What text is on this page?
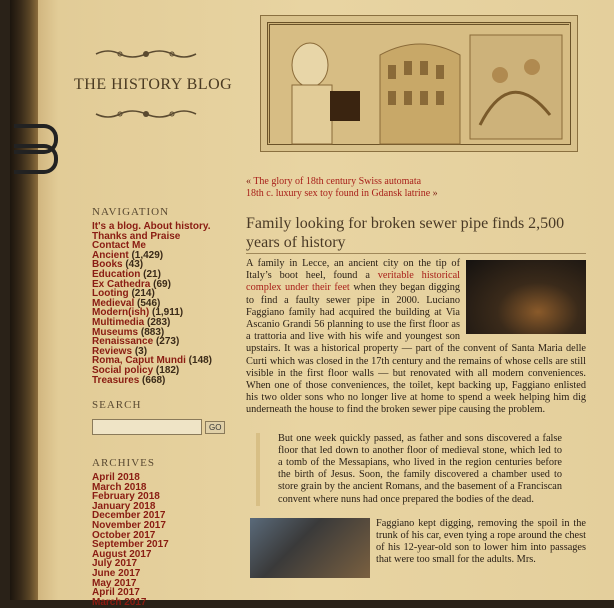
THE HISTORY BLOG
NAVIGATION
It's a blog. About history.
Thanks and Praise
Contact Me
Ancient (1,429)
Books (43)
Education (21)
Ex Cathedra (69)
Looting (214)
Medieval (546)
Modern(ish) (1,911)
Multimedia (283)
Museums (883)
Renaissance (273)
Reviews (3)
Roma, Caput Mundi (148)
Social policy (182)
Treasures (668)
SEARCH
GO
ARCHIVES
April 2018
March 2018
February 2018
January 2018
December 2017
November 2017
October 2017
September 2017
August 2017
July 2017
June 2017
May 2017
April 2017
March 2017
« The glory of 18th century Swiss automata
18th c. luxury sex toy found in Gdansk latrine »
Family looking for broken sewer pipe finds 2,500 years of history

A family in Lecce, an ancient city on the tip of Italy’s boot heel, found a veritable historical complex under their feet when they began digging to find a faulty sewer pipe in 2000. Luciano Faggiano family had acquired the building at Via Ascanio Grandi 56 planning to use the first floor as a trattoria and live with his wife and youngest son upstairs. It was a historical property — part of the convent of Santa Maria delle Curti which was closed in the 17th century and the remains of whose cells are still visible in the first floor walls — but renovated with all modern conveniences. When one of those conveniences, the toilet, kept backing up, Faggiano enlisted his two older sons who no longer live at home to spend a week helping him dig underneath the house to find the broken sewer pipe causing the problem.

But one week quickly passed, as father and sons discovered a false floor that led down to another floor of medieval stone, which led to a tomb of the Messapians, who lived in the region centuries before the birth of Jesus. Soon, the family discovered a chamber used to store grain by the ancient Romans, and the basement of a Franciscan convent where nuns had once prepared the bodies of the dead.

Faggiano kept digging, removing the spoil in the trunk of his car, even tying a rope around the chest of his 12-year-old son to lower him into passages that were too small for the adults. Mrs.
